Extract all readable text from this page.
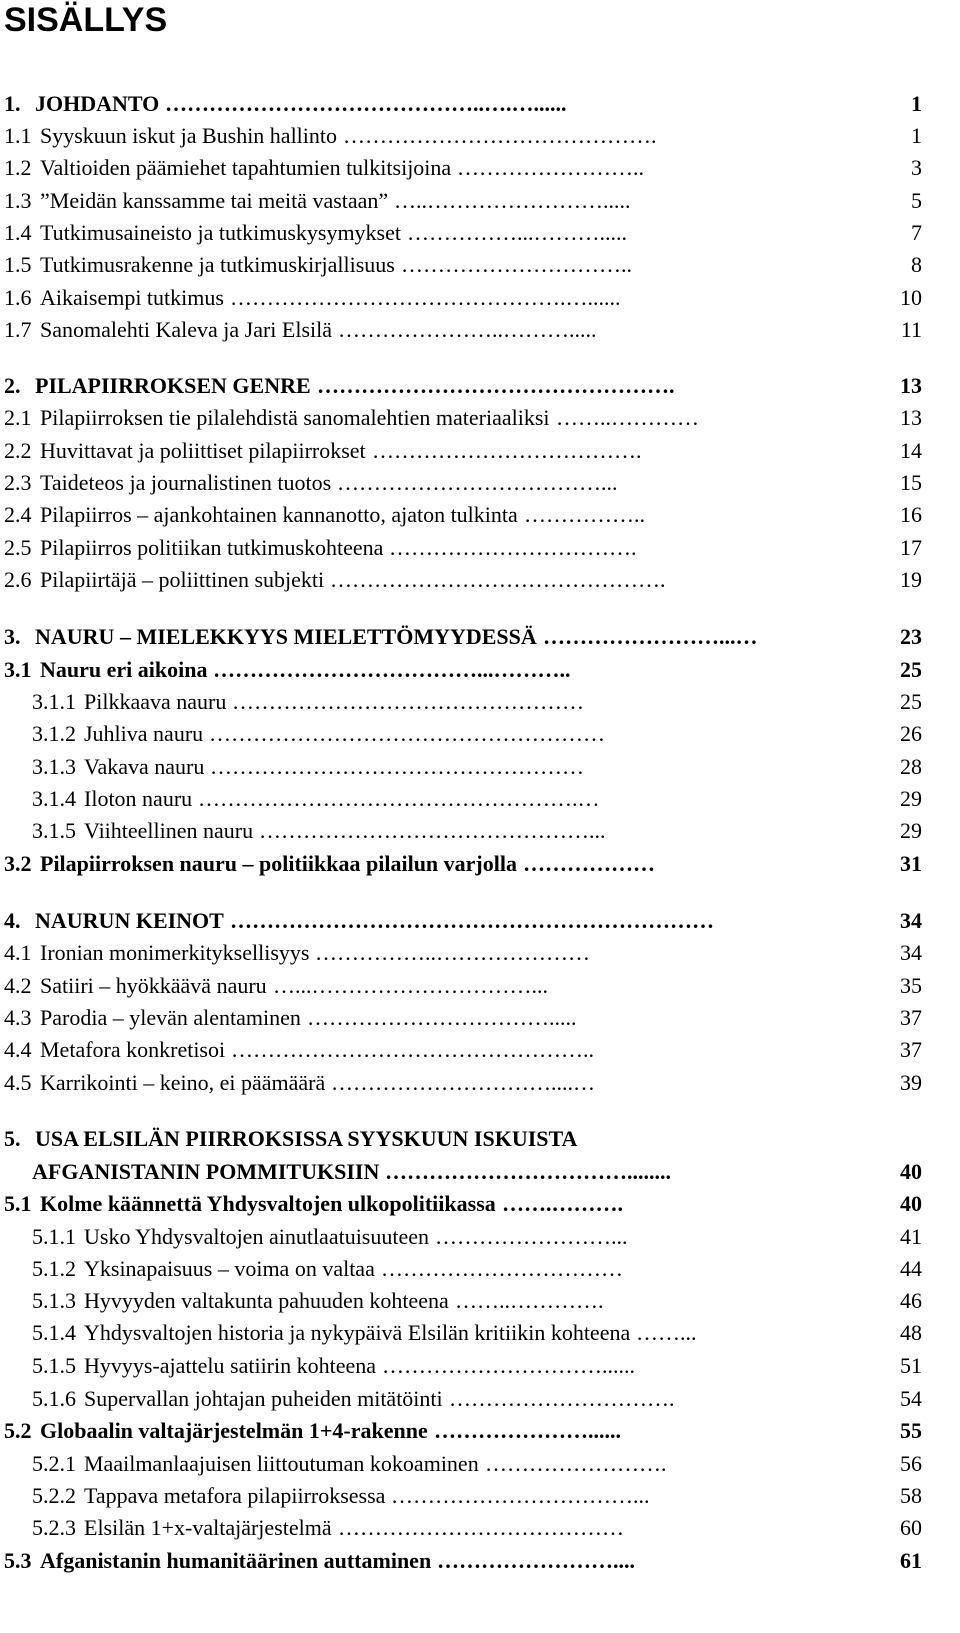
SISÄLLYS
1. JOHDANTO	1
……………………………………..….…......
1.1 Syyskuun iskut ja Bushin hallinto	1
…………………………………….
1.2 Valtioiden päämiehet tapahtumien tulkitsijoina	3
……………………..
1.3 ”Meidän kanssamme tai meitä vastaan”	5
…..…………………….....
1.4 Tutkimusaineisto ja tutkimuskysymykset	7
……………...……….....
1.5 Tutkimusrakenne ja tutkimuskirjallisuus	8
…………………………..
1.6 Aikaisempi tutkimus	10
……………………………………….…......
1.7 Sanomalehti Kaleva ja Jari Elsilä	11
…………………..……….....
2. PILAPIIRROKSEN GENRE	13
………………………………………….
2.1 Pilapiirroksen tie pilalehdistä sanomalehtien materiaaliksi	13
……..…………
2.2 Huvittavat ja poliittiset pilapiirrokset	14
……………………………….
2.3 Taideteos ja journalistinen tuotos	15
………………………………...
2.4 Pilapiirros – ajankohtainen kannanotto, ajaton tulkinta	16
……………..
2.5 Pilapiirros politiikan tutkimuskohteena	17
…………………………….
2.6 Pilapiirtäjä – poliittinen subjekti	19
……………………………………….
3. NAURU – MIELEKKYYS MIELETTÖMYYDESSÄ	23
……………………...…
3.1 Nauru eri aikoina	25
………………………………...………..
3.1.1 Pilkkaava nauru	25
…………………………………………
3.1.2 Juhliva nauru	26
………………………………………………
3.1.3 Vakava nauru	28
……………………………………………
3.1.4 Iloton nauru	29
…………………………………………….…
3.1.5 Viihteellinen nauru	29
………………………………………...
3.2 Pilapiirroksen nauru – politiikkaa pilailun varjolla	31
………………
4. NAURUN KEINOT	34
…………………………………………………………
4.1 Ironian monimerkityksellisyys	34
……………..…………………
4.2 Satiiri – hyökkäävä nauru	35
…...…………………………...
4.3 Parodia – ylevän alentaminen	37
…………………………….....
4.4 Metafora konkretisoi	37
…………………………………………..
4.5 Karrikointi – keino, ei päämäärä	39
…………………………....…
5. USA ELSILÄN PIIRROKSISSA SYYSKUUN ISKUISTA
AFGANISTANIN POMMITUKSIIN	40
……………………………........
5.1 Kolme käännettä Yhdysvaltojen ulkopolitiikassa	40
…….……….
5.1.1 Usko Yhdysvaltojen ainutlaatuisuuteen	41
……………………...
5.1.2 Yksinapaisuus – voima on valtaa	44
……………………………
5.1.3 Hyvyyden valtakunta pahuuden kohteena	46
……..………….
5.1.4 Yhdysvaltojen historia ja nykypäivä Elsilän kritiikin kohteena	48
……...
5.1.5 Hyvyys-ajattelu satiirin kohteena	51
…………………………......
5.1.6 Supervallan johtajan puheiden mitätöinti	54
………………………….
5.2 Globaalin valtajärjestelmän 1+4-rakenne	55
…………………......
5.2.1 Maailmanlaajuisen liittoutuman kokoaminen	56
…………………….
5.2.2 Tappava metafora pilapiirroksessa	58
……………………………...
5.2.3 Elsilän 1+x-valtajärjestelmä	60
…………………………………
5.3 Afganistanin humanitäärinen auttaminen	61
……………………....
